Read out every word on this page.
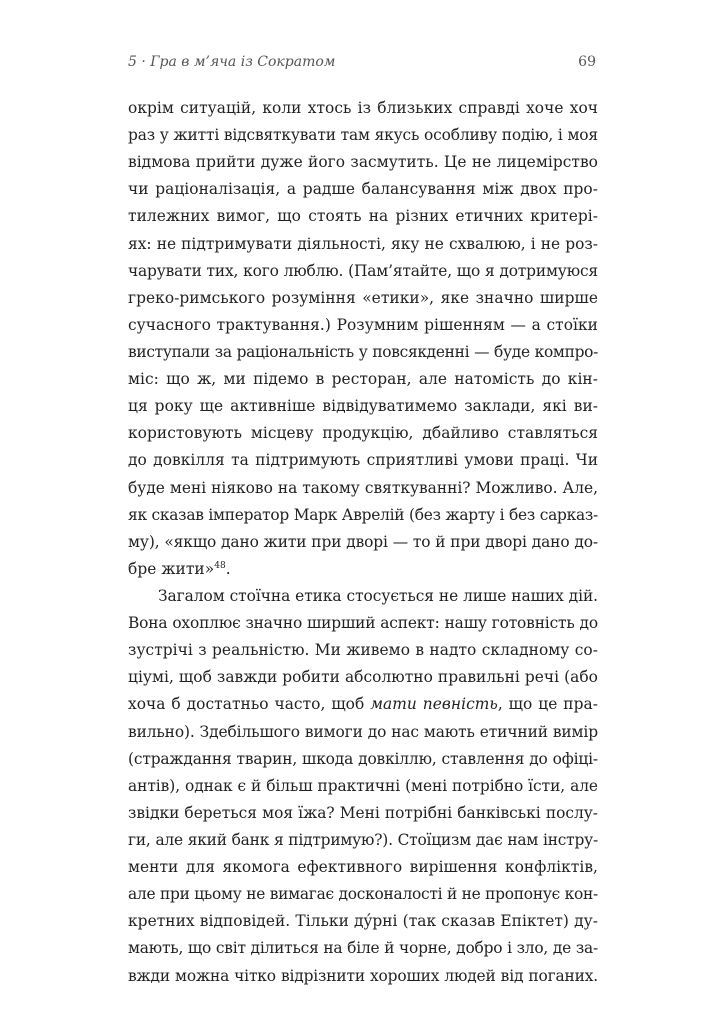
5 · Гра в м’яча із Сократом	69
окрім ситуацій, коли хтось із близьких справді хоче хоч
раз у житті відсвяткувати там якусь особливу подію, і моя
відмова прийти дуже його засмутить. Це не лицемірство
чи раціоналізація, а радше балансування між двох про-
тилежних вимог, що стоять на різних етичних критері-
ях: не підтримувати діяльності, яку не схвалюю, і не роз-
чарувати тих, кого люблю. (Пам’ятайте, що я дотримуюся
греко-римського розуміння «етики», яке значно ширше
сучасного трактування.) Розумним рішенням — а стоїки
виступали за раціональність у повсякденні — буде компро-
міс: що ж, ми підемо в ресторан, але натомість до кін-
ця року ще активніше відвідуватимемо заклади, які ви-
користовують місцеву продукцію, дбайливо ставляться
до довкілля та підтримують сприятливі умови праці. Чи
буде мені ніяково на такому святкуванні? Можливо. Але,
як сказав імператор Марк Аврелій (без жарту і без сарказ-
му), «якщо дано жити при дворі — то й при дворі дано до-
бре жити»$^{48}$.
Загалом стоїчна етика стосується не лише наших дій.
Вона охоплює значно ширший аспект: нашу готовність до
зустрічі з реальністю. Ми живемо в надто складному со-
ціумі, щоб завжди робити абсолютно правильні речі (або
хоча б достатньо часто, щоб мати певність, що це пра-
вильно). Здебільшого вимоги до нас мають етичний вимір
(страждання тварин, шкода довкіллю, ставлення до офіці-
антів), однак є й більш практичні (мені потрібно їсти, але
звідки береться моя їжа? Мені потрібні банківські послу-
ги, але який банк я підтримую?). Стоїцизм дає нам інстру-
менти для якомога ефективного вирішення конфліктів,
але при цьому не вимагає досконалості й не пропонує кон-
кретних відповідей. Тільки дýрні (так сказав Епіктет) ду-
мають, що світ ділиться на біле й чорне, добро і зло, де за-
вжди можна чітко відрізнити хороших людей від поганих.
